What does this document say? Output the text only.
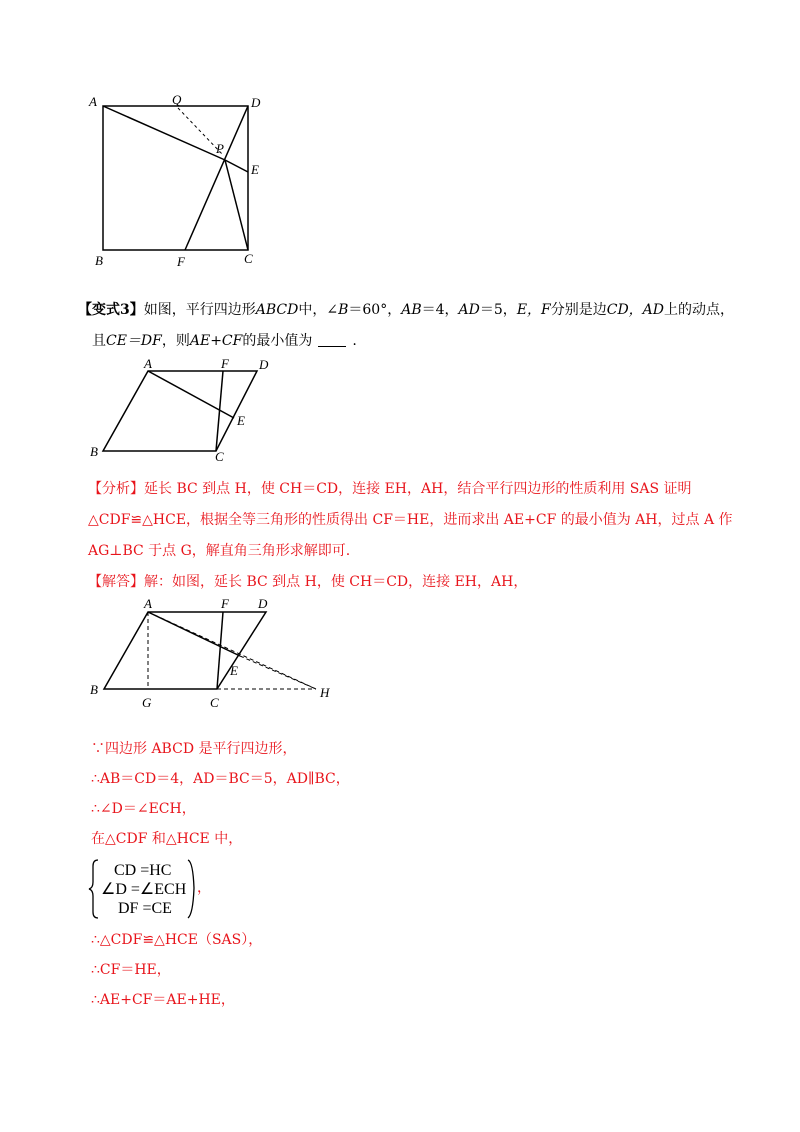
A	Q	D
P
E
B	F	C
【变式3】如图，平行四边形ABCD中，∠B＝60°，AB＝4，AD＝5，E，F分别是边CD，AD上的动点，
且CE＝DF，则AE+CF的最小值为	.
A	F D
E
B	C
【分析】延长 BC 到点 H，使 CH＝CD，连接 EH，AH，结合平行四边形的性质利用 SAS 证明
△CDF≌△HCE，根据全等三角形的性质得出 CF＝HE，进而求出 AE+CF 的最小值为 AH，过点 A 作
AG⊥BC 于点 G，解直角三角形求解即可.
【解答】解：如图，延长 BC 到点 H，使 CH＝CD，连接 EH，AH，
A	F D
E
B
G	C
H
∵四边形 ABCD 是平行四边形，
∴AB＝CD＝4，AD＝BC＝5，AD∥BC，
∴∠D＝∠ECH，
在△CDF 和△HCE 中，
CD =HC
∠D =∠ECH
DF =CE
，
∴△CDF≌△HCE（SAS），
∴CF＝HE，
∴AE+CF＝AE+HE，
